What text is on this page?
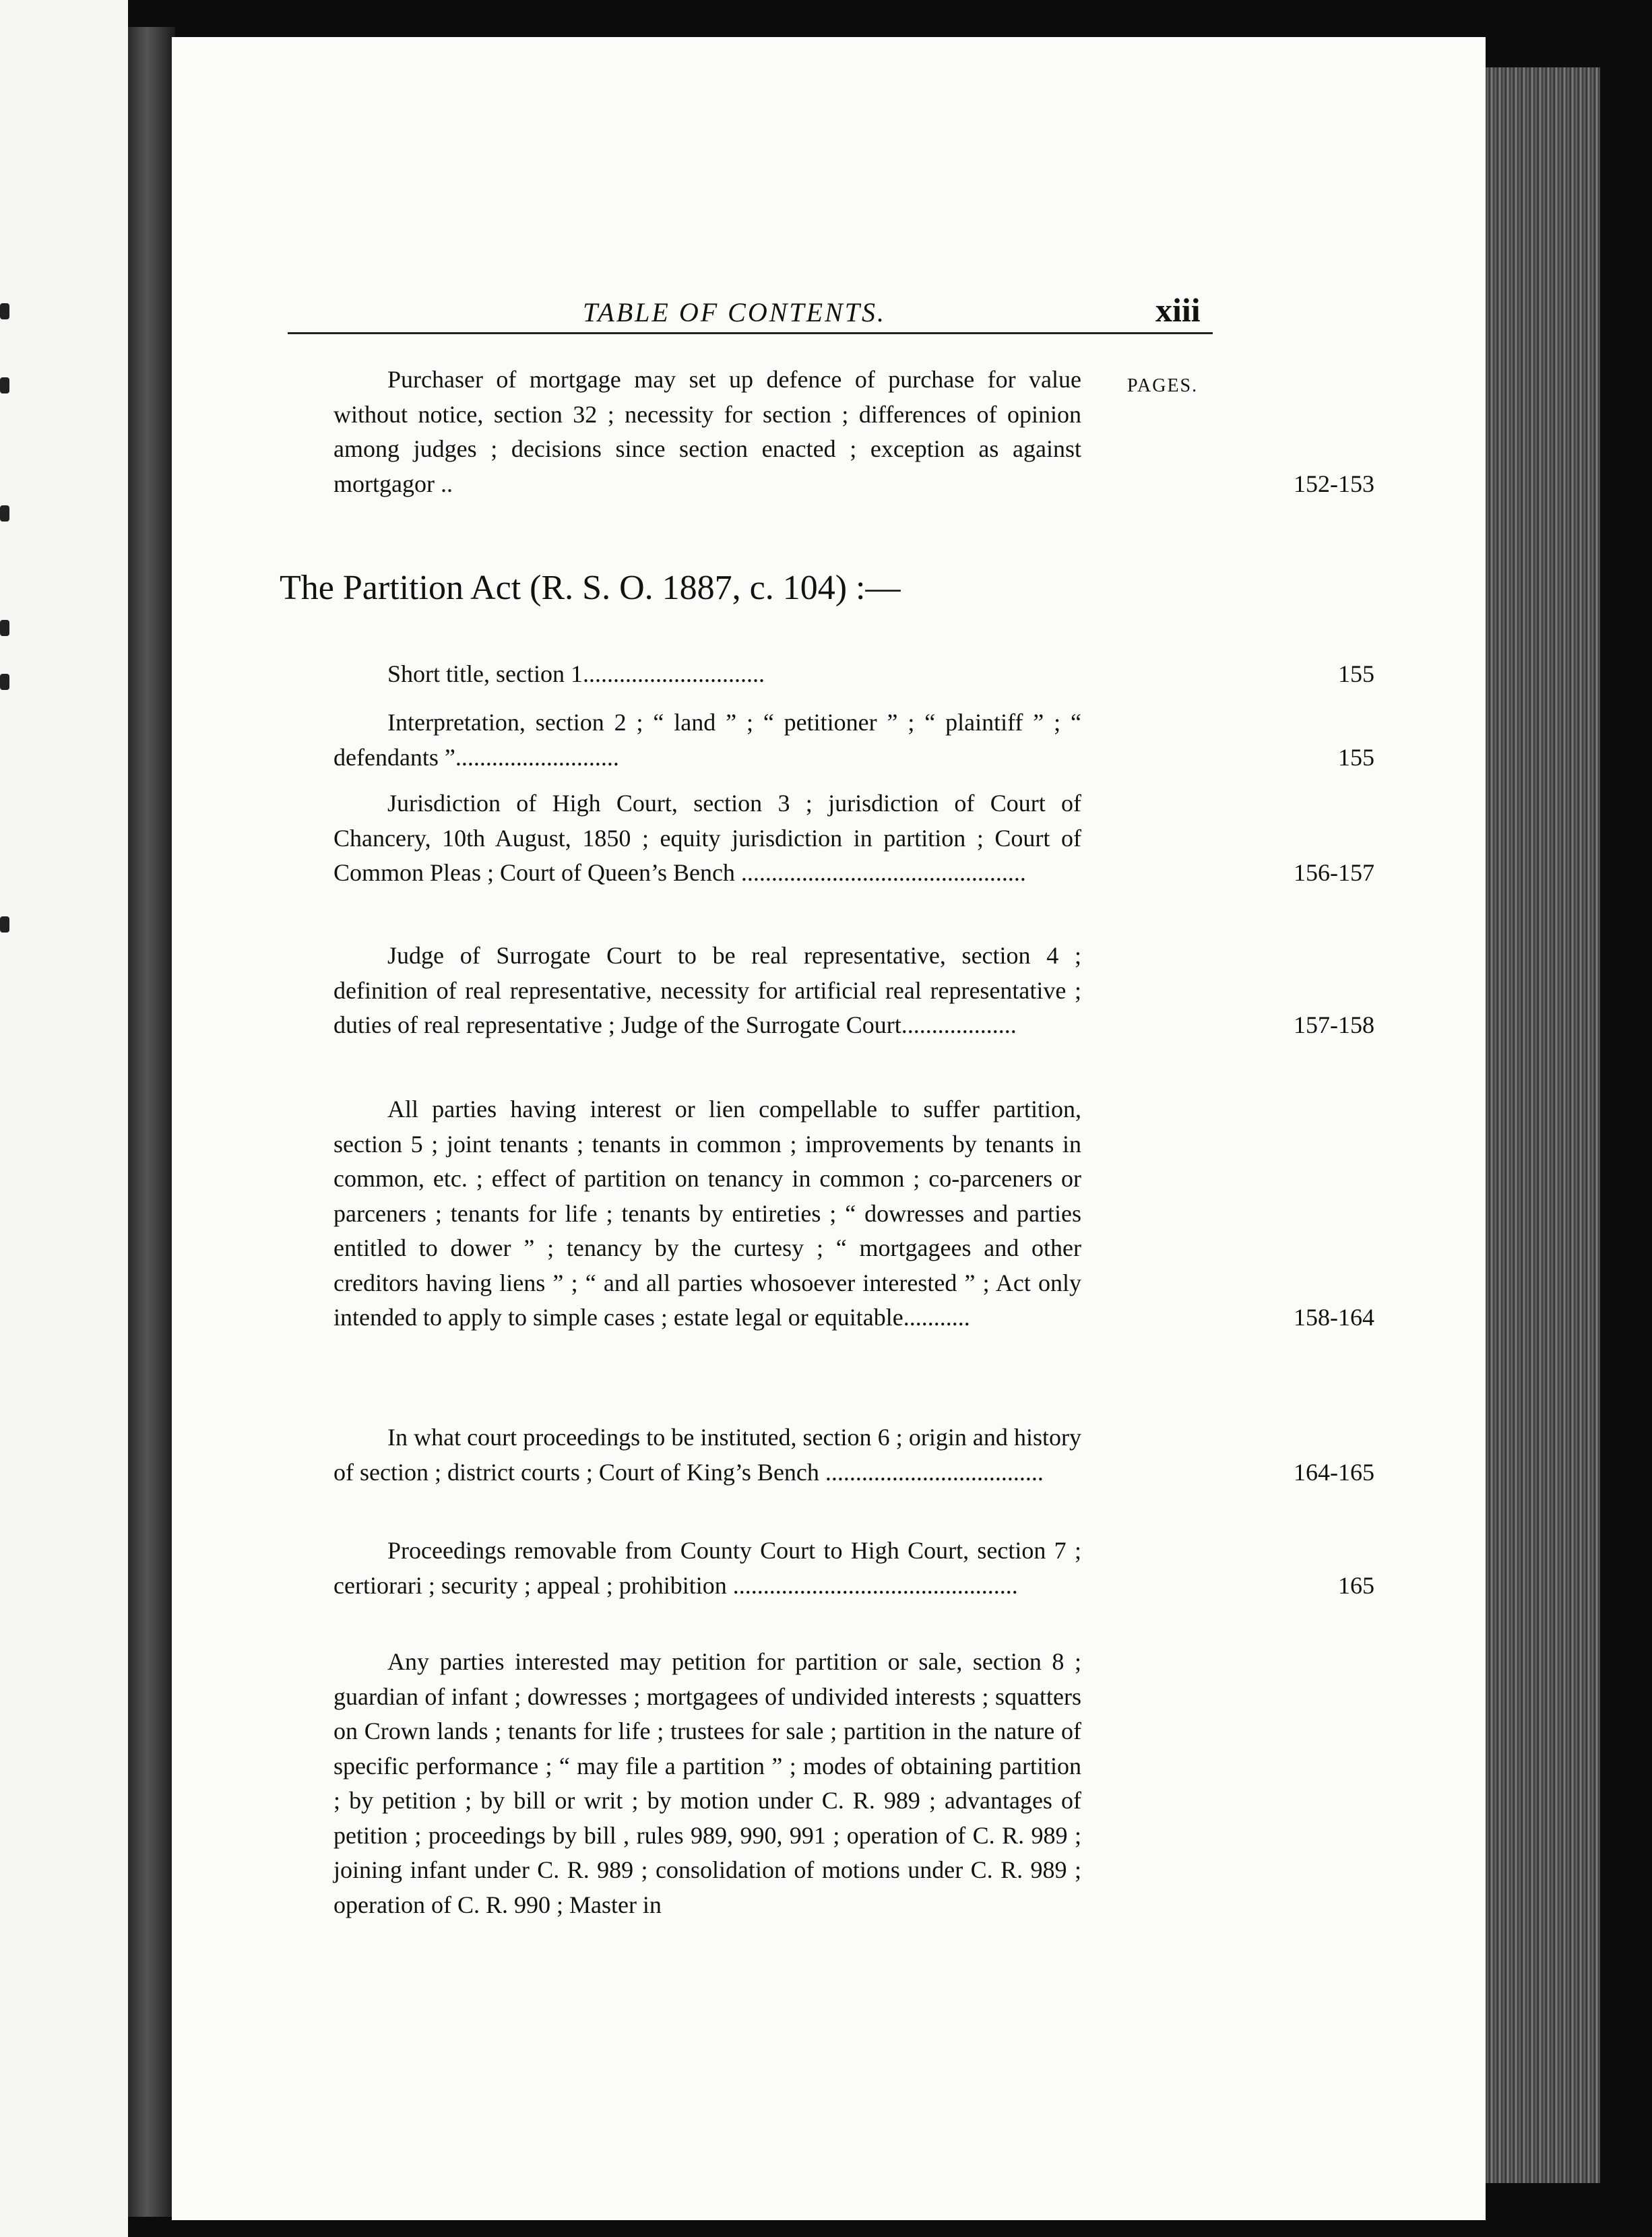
TABLE OF CONTENTS.	xiii
PAGES.
Purchaser of mortgage may set up defence of purchase for value without notice, section 32 ; necessity for section ; differences of opinion among judges ; decisions since section enacted ; exception as against mortgagor ..	152-153
The Partition Act (R. S. O. 1887, c. 104) :—
Short title, section 1..............................	155
Interpretation, section 2 ; “ land ” ; “ petitioner ” ; “ plaintiff ” ; “ defendants ”...........................	155
Jurisdiction of High Court, section 3 ; jurisdiction of Court of Chancery, 10th August, 1850 ; equity jurisdiction in partition ; Court of Common Pleas ; Court of Queen’s Bench ...............................................	156-157
Judge of Surrogate Court to be real representative, section 4 ; definition of real representative, necessity for artificial real representative ; duties of real representative ; Judge of the Surrogate Court...................	157-158
All parties having interest or lien compellable to suffer partition, section 5 ; joint tenants ; tenants in common ; improvements by tenants in common, etc. ; effect of partition on tenancy in common ; co-parceners or parceners ; tenants for life ; tenants by entireties ; “ dowresses and parties entitled to dower ” ; tenancy by the curtesy ; “ mortgagees and other creditors having liens ” ; “ and all parties whosoever interested ” ; Act only intended to apply to simple cases ; estate legal or equitable...........	158-164
In what court proceedings to be instituted, section 6 ; origin and history of section ; district courts ; Court of King’s Bench ....................................	164-165
Proceedings removable from County Court to High Court, section 7 ; certiorari ; security ; appeal ; prohibition ...............................................	165
Any parties interested may petition for partition or sale, section 8 ; guardian of infant ; dowresses ; mortgagees of undivided interests ; squatters on Crown lands ; tenants for life ; trustees for sale ; partition in the nature of specific performance ; “ may file a partition ” ; modes of obtaining partition ; by petition ; by bill or writ ; by motion under C. R. 989 ; advantages of petition ; proceedings by bill , rules 989, 990, 991 ; operation of C. R. 989 ; joining infant under C. R. 989 ; consolidation of motions under C. R. 989 ; operation of C. R. 990 ; Master in
